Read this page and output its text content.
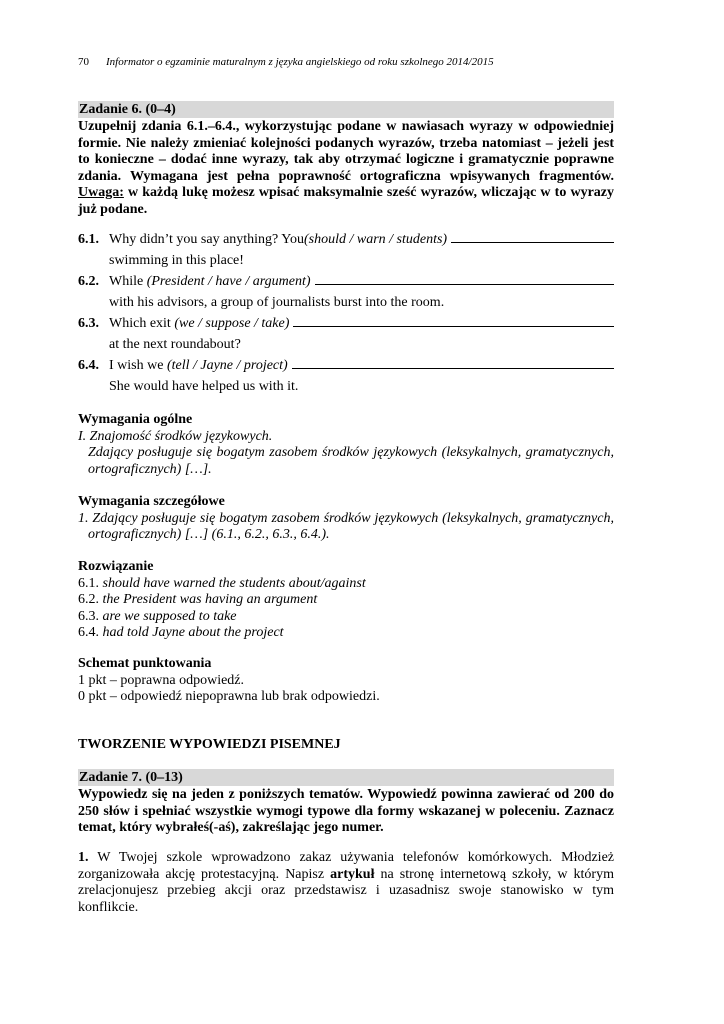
70 Informator o egzaminie maturalnym z języka angielskiego od roku szkolnego 2014/2015
Zadanie 6. (0–4)
Uzupełnij zdania 6.1.–6.4., wykorzystując podane w nawiasach wyrazy w odpowiedniej formie. Nie należy zmieniać kolejności podanych wyrazów, trzeba natomiast – jeżeli jest to konieczne – dodać inne wyrazy, tak aby otrzymać logiczne i gramatycznie poprawne zdania. Wymagana jest pełna poprawność ortograficzna wpisywanych fragmentów. Uwaga: w każdą lukę możesz wpisać maksymalnie sześć wyrazów, wliczając w to wyrazy już podane.
6.1. Why didn’t you say anything? You (should / warn / students)
swimming in this place!
6.2. While (President / have / argument)
with his advisors, a group of journalists burst into the room.
6.3. Which exit (we / suppose / take)
at the next roundabout?
6.4. I wish we (tell / Jayne / project)
She would have helped us with it.
Wymagania ogólne
I. Znajomość środków językowych.
Zdający posługuje się bogatym zasobem środków językowych (leksykalnych, gramatycznych, ortograficznych) […].
Wymagania szczegółowe
1. Zdający posługuje się bogatym zasobem środków językowych (leksykalnych, gramatycznych, ortograficznych) […] (6.1., 6.2., 6.3., 6.4.).
Rozwiązanie
6.1. should have warned the students about/against
6.2. the President was having an argument
6.3. are we supposed to take
6.4. had told Jayne about the project
Schemat punktowania
1 pkt – poprawna odpowiedź.
0 pkt – odpowiedź niepoprawna lub brak odpowiedzi.
TWORZENIE WYPOWIEDZI PISEMNEJ
Zadanie 7. (0–13)
Wypowiedz się na jeden z poniższych tematów. Wypowiedź powinna zawierać od 200 do 250 słów i spełniać wszystkie wymogi typowe dla formy wskazanej w poleceniu. Zaznacz temat, który wybrałeś(-aś), zakreślając jego numer.
1. W Twojej szkole wprowadzono zakaz używania telefonów komórkowych. Młodzież zorganizowała akcję protestacyjną. Napisz artykuł na stronę internetową szkoły, w którym zrelacjonujesz przebieg akcji oraz przedstawisz i uzasadnisz swoje stanowisko w tym konflikcie.
